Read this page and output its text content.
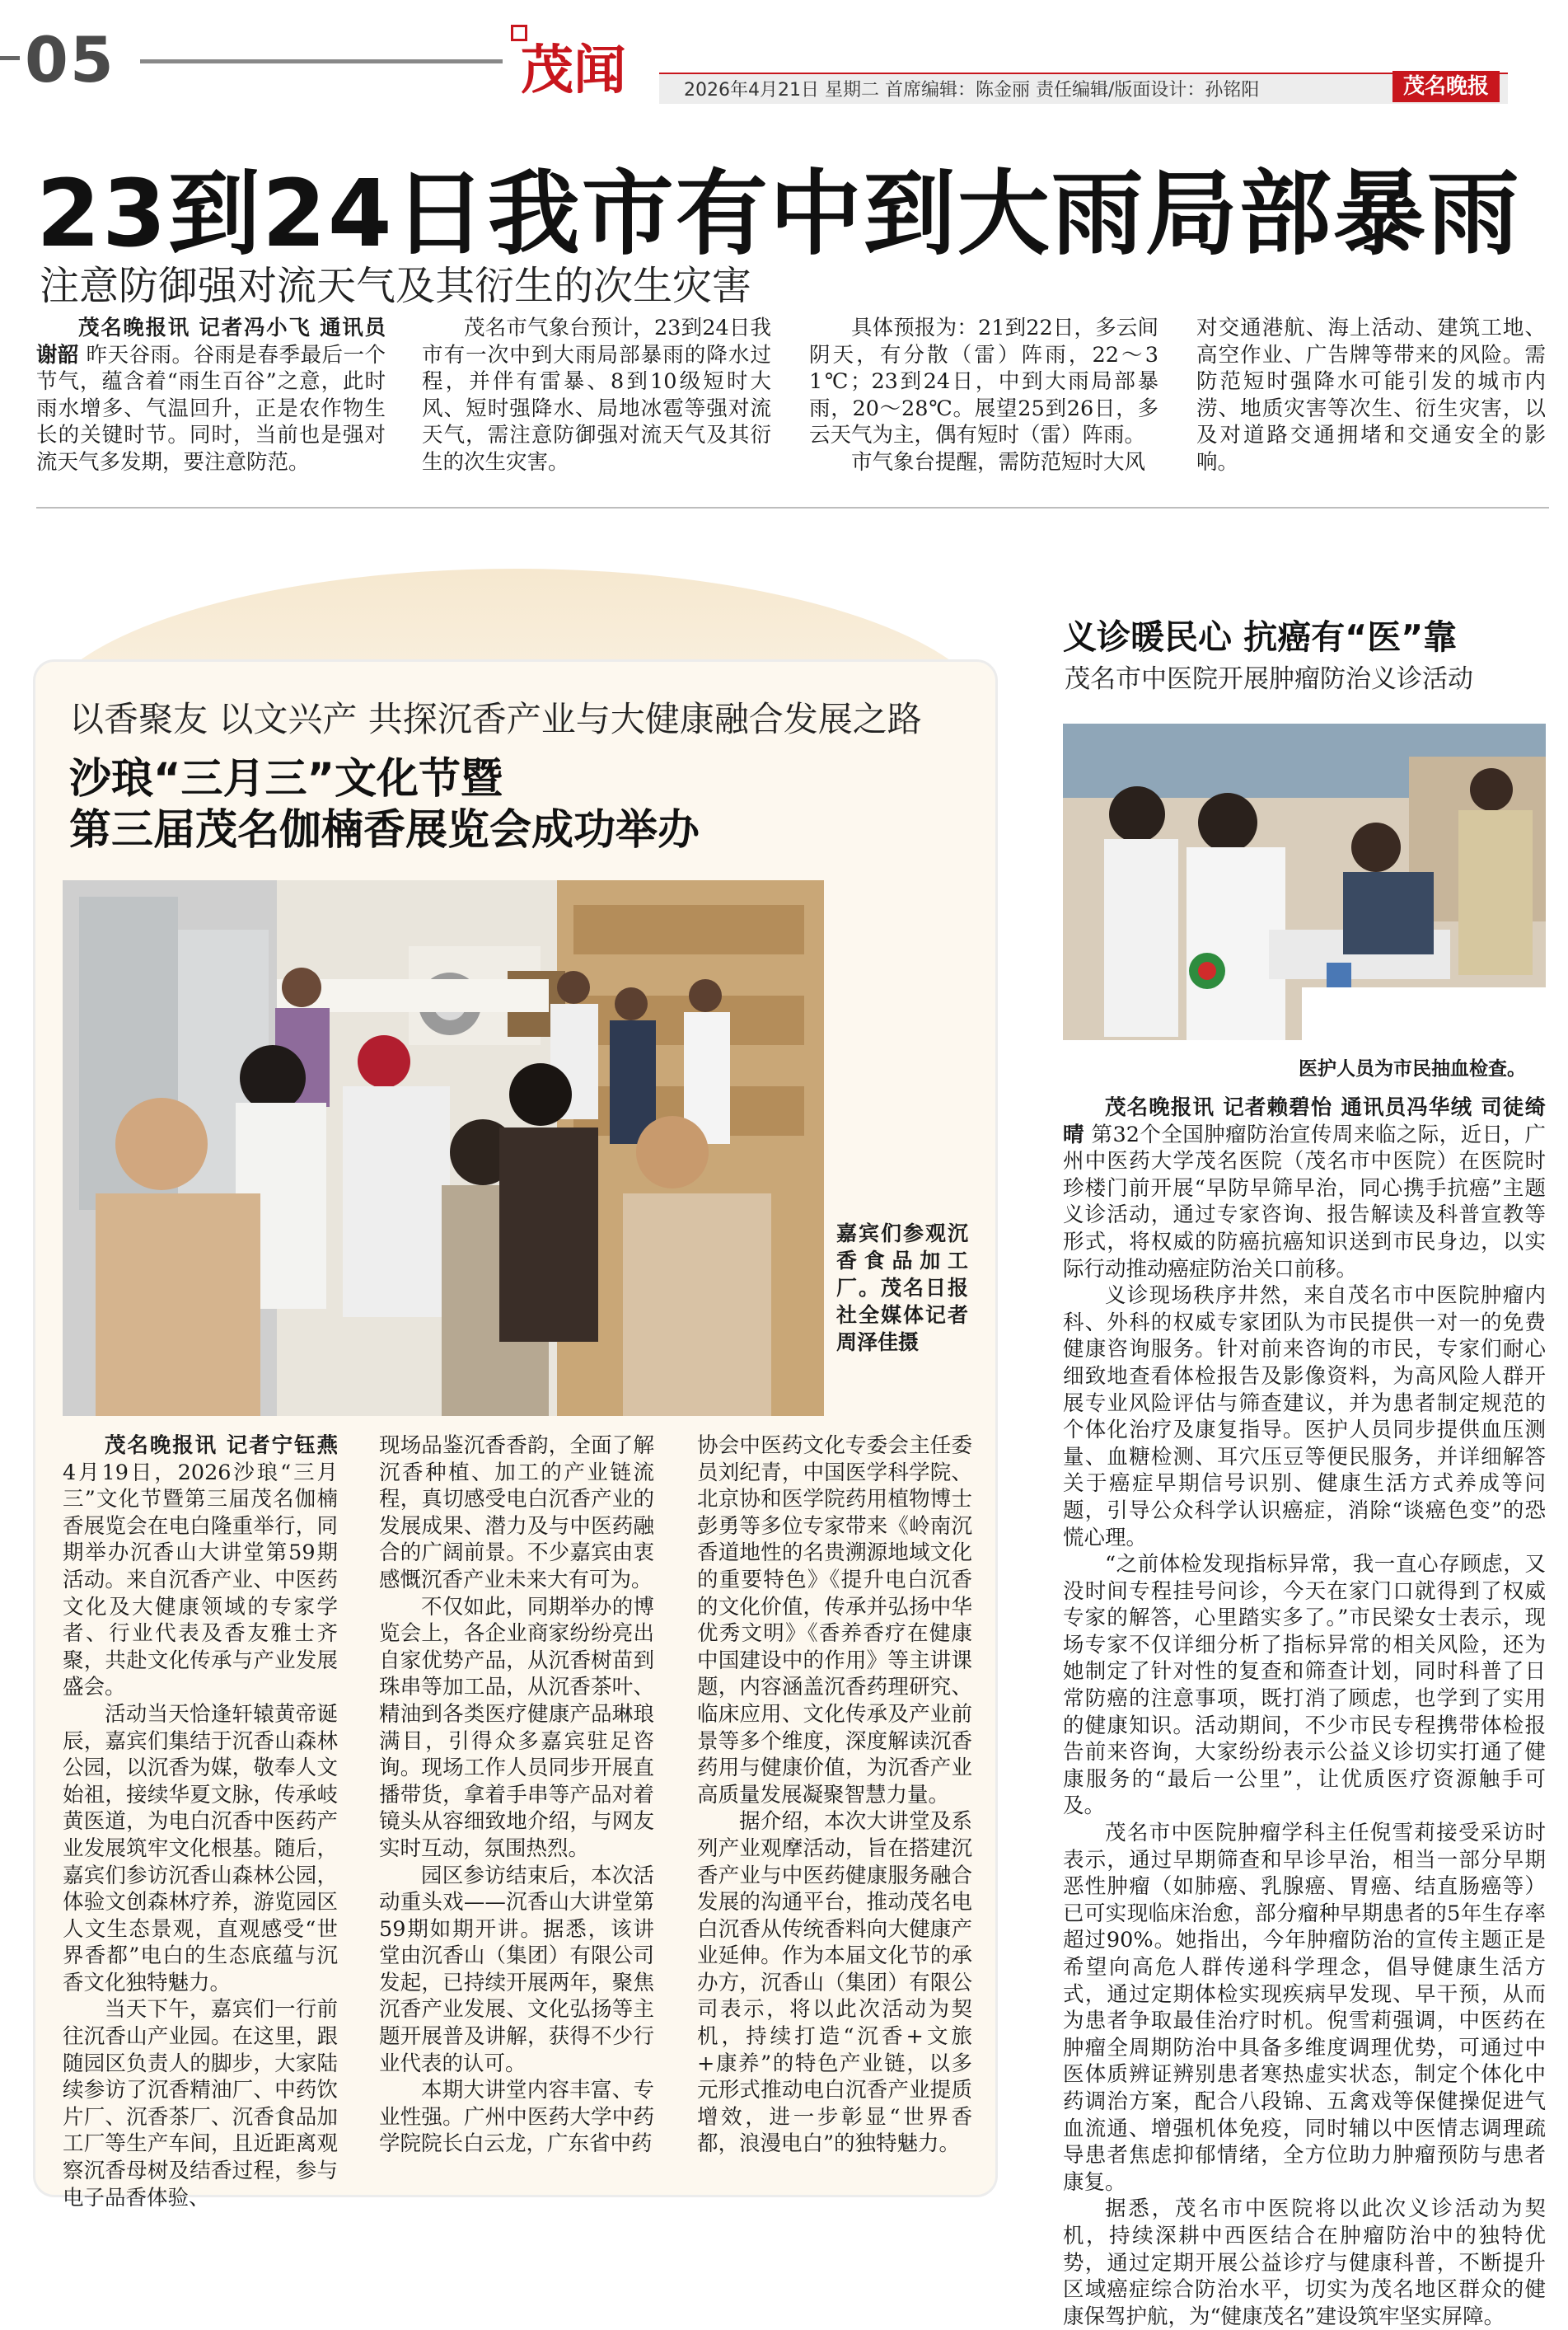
05	茂闻	2026年4月21日 星期二 首席编辑：陈金丽 责任编辑/版面设计：孙铭阳	茂名晚报
23到24日我市有中到大雨局部暴雨
注意防御强对流天气及其衍生的次生灾害

茂名晚报讯 记者冯小飞 通讯员谢韶 昨天谷雨。谷雨是春季最后一个节气，蕴含着“雨生百谷”之意，此时雨水增多、气温回升，正是农作物生长的关键时节。同时，当前也是强对流天气多发期，要注意防范。

茂名市气象台预计，23到24日我市有一次中到大雨局部暴雨的降水过程，并伴有雷暴、8到10级短时大风、短时强降水、局地冰雹等强对流天气，需注意防御强对流天气及其衍生的次生灾害。

具体预报为：21到22日，多云间阴天，有分散（雷）阵雨，22～31℃；23到24日，中到大雨局部暴雨，20～28℃。展望25到26日，多云天气为主，偶有短时（雷）阵雨。

市气象台提醒，需防范短时大风

对交通港航、海上活动、建筑工地、高空作业、广告牌等带来的风险。需防范短时强降水可能引发的城市内涝、地质灾害等次生、衍生灾害，以及对道路交通拥堵和交通安全的影响。

以香聚友 以文兴产 共探沉香产业与大健康融合发展之路
沙琅“三月三”文化节暨
第三届茂名伽楠香展览会成功举办
嘉宾们参观沉香食品加工厂。茂名日报社全媒体记者周泽佳摄

茂名晚报讯 记者宁钰燕 4月19日，2026沙琅“三月三”文化节暨第三届茂名伽楠香展览会在电白隆重举行，同期举办沉香山大讲堂第59期活动。来自沉香产业、中医药文化及大健康领域的专家学者、行业代表及香友雅士齐聚，共赴文化传承与产业发展盛会。

活动当天恰逢轩辕黄帝诞辰，嘉宾们集结于沉香山森林公园，以沉香为媒，敬奉人文始祖，接续华夏文脉，传承岐黄医道，为电白沉香中医药产业发展筑牢文化根基。随后，嘉宾们参访沉香山森林公园，体验文创森林疗养，游览园区人文生态景观，直观感受“世界香都”电白的生态底蕴与沉香文化独特魅力。

当天下午，嘉宾们一行前往沉香山产业园。在这里，跟随园区负责人的脚步，大家陆续参访了沉香精油厂、中药饮片厂、沉香茶厂、沉香食品加工厂等生产车间，且近距离观察沉香母树及结香过程，参与电子品香体验、

现场品鉴沉香香韵，全面了解沉香种植、加工的产业链流程，真切感受电白沉香产业的发展成果、潜力及与中医药融合的广阔前景。不少嘉宾由衷感慨沉香产业未来大有可为。

不仅如此，同期举办的博览会上，各企业商家纷纷亮出自家优势产品，从沉香树苗到珠串等加工品，从沉香茶叶、精油到各类医疗健康产品琳琅满目，引得众多嘉宾驻足咨询。现场工作人员同步开展直播带货，拿着手串等产品对着镜头从容细致地介绍，与网友实时互动，氛围热烈。

园区参访结束后，本次活动重头戏——沉香山大讲堂第59期如期开讲。据悉，该讲堂由沉香山（集团）有限公司发起，已持续开展两年，聚焦沉香产业发展、文化弘扬等主题开展普及讲解，获得不少行业代表的认可。

本期大讲堂内容丰富、专业性强。广州中医药大学中药学院院长白云龙，广东省中药

协会中医药文化专委会主任委员刘纪青，中国医学科学院、北京协和医学院药用植物博士彭勇等多位专家带来《岭南沉香道地性的名贵溯源地域文化的重要特色》《提升电白沉香的文化价值，传承并弘扬中华优秀文明》《香养香疗在健康中国建设中的作用》等主讲课题，内容涵盖沉香药理研究、临床应用、文化传承及产业前景等多个维度，深度解读沉香药用与健康价值，为沉香产业高质量发展凝聚智慧力量。

据介绍，本次大讲堂及系列产业观摩活动，旨在搭建沉香产业与中医药健康服务融合发展的沟通平台，推动茂名电白沉香从传统香料向大健康产业延伸。作为本届文化节的承办方，沉香山（集团）有限公司表示，将以此次活动为契机，持续打造“沉香+文旅+康养”的特色产业链，以多元形式推动电白沉香产业提质增效，进一步彰显“世界香都，浪漫电白”的独特魅力。

义诊暖民心 抗癌有“医”靠
茂名市中医院开展肿瘤防治义诊活动
医护人员为市民抽血检查。

茂名晚报讯 记者赖碧怡 通讯员冯华绒 司徒绮晴 第32个全国肿瘤防治宣传周来临之际，近日，广州中医药大学茂名医院（茂名市中医院）在医院时珍楼门前开展“早防早筛早治，同心携手抗癌”主题义诊活动，通过专家咨询、报告解读及科普宣教等形式，将权威的防癌抗癌知识送到市民身边，以实际行动推动癌症防治关口前移。

义诊现场秩序井然，来自茂名市中医院肿瘤内科、外科的权威专家团队为市民提供一对一的免费健康咨询服务。针对前来咨询的市民，专家们耐心细致地查看体检报告及影像资料，为高风险人群开展专业风险评估与筛查建议，并为患者制定规范的个体化治疗及康复指导。医护人员同步提供血压测量、血糖检测、耳穴压豆等便民服务，并详细解答关于癌症早期信号识别、健康生活方式养成等问题，引导公众科学认识癌症，消除“谈癌色变”的恐慌心理。

“之前体检发现指标异常，我一直心存顾虑，又没时间专程挂号问诊，今天在家门口就得到了权威专家的解答，心里踏实多了。”市民梁女士表示，现场专家不仅详细分析了指标异常的相关风险，还为她制定了针对性的复查和筛查计划，同时科普了日常防癌的注意事项，既打消了顾虑，也学到了实用的健康知识。活动期间，不少市民专程携带体检报告前来咨询，大家纷纷表示公益义诊切实打通了健康服务的“最后一公里”，让优质医疗资源触手可及。

茂名市中医院肿瘤学科主任倪雪莉接受采访时表示，通过早期筛查和早诊早治，相当一部分早期恶性肿瘤（如肺癌、乳腺癌、胃癌、结直肠癌等）已可实现临床治愈，部分瘤种早期患者的5年生存率超过90%。她指出，今年肿瘤防治的宣传主题正是希望向高危人群传递科学理念，倡导健康生活方式，通过定期体检实现疾病早发现、早干预，从而为患者争取最佳治疗时机。倪雪莉强调，中医药在肿瘤全周期防治中具备多维度调理优势，可通过中医体质辨证辨别患者寒热虚实状态，制定个体化中药调治方案，配合八段锦、五禽戏等保健操促进气血流通、增强机体免疫，同时辅以中医情志调理疏导患者焦虑抑郁情绪，全方位助力肿瘤预防与患者康复。

据悉，茂名市中医院将以此次义诊活动为契机，持续深耕中西医结合在肿瘤防治中的独特优势，通过定期开展公益诊疗与健康科普，不断提升区域癌症综合防治水平，切实为茂名地区群众的健康保驾护航，为“健康茂名”建设筑牢坚实屏障。
